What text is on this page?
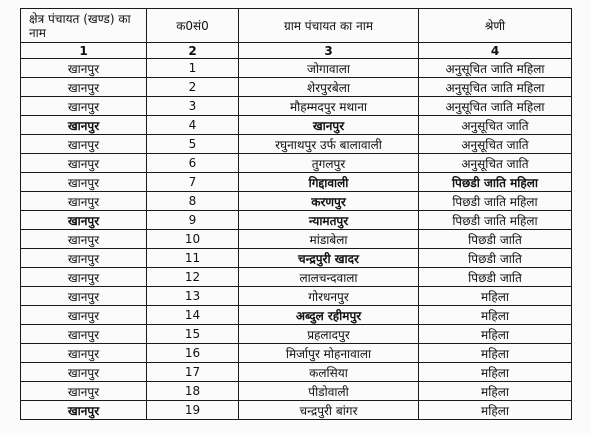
क्षेत्र पंचायत (खण्ड) का नाम	क0सं0	ग्राम पंचायत का नाम	श्रेणी
1	2	3	4
खानपुर	1	जोगावाला	अनुसूचित जाति महिला
खानपुर	2	शेरपुरबेला	अनुसूचित जाति महिला
खानपुर	3	मौहम्मदपुर मथाना	अनुसूचित जाति महिला
खानपुर	4	खानपुर	अनुसूचित जाति
खानपुर	5	रघुनाथपुर उर्फ बालावाली	अनुसूचित जाति
खानपुर	6	तुगलपुर	अनुसूचित जाति
खानपुर	7	गिद्दावाली	पिछडी जाति महिला
खानपुर	8	करणपुर	पिछडी जाति महिला
खानपुर	9	न्यामतपुर	पिछडी जाति महिला
खानपुर	10	मांडाबेला	पिछडी जाति
खानपुर	11	चन्द्रपुरी खादर	पिछडी जाति
खानपुर	12	लालचन्दवाला	पिछडी जाति
खानपुर	13	गोरधनपुर	महिला
खानपुर	14	अब्दुल रहीमपुर	महिला
खानपुर	15	प्रहलादपुर	महिला
खानपुर	16	मिर्जापुर मोहनावाला	महिला
खानपुर	17	कलसिया	महिला
खानपुर	18	पीडोवाली	महिला
खानपुर	19	चन्द्रपुरी बांगर	महिला
